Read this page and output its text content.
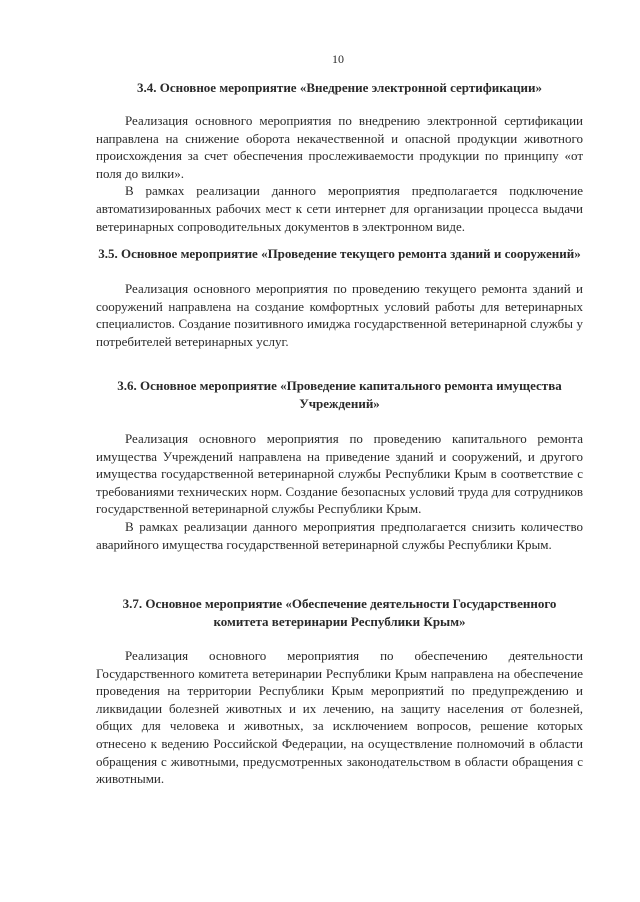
10

3.4. Основное мероприятие «Внедрение электронной сертификации»

Реализация основного мероприятия по внедрению электронной сертификации направлена на снижение оборота некачественной и опасной продукции животного происхождения за счет обеспечения прослеживаемости продукции по принципу «от поля до вилки».

В рамках реализации данного мероприятия предполагается подключение автоматизированных рабочих мест к сети интернет для организации процесса выдачи ветеринарных сопроводительных документов в электронном виде.

3.5. Основное мероприятие «Проведение текущего ремонта зданий и сооружений»

Реализация основного мероприятия по проведению текущего ремонта зданий и сооружений направлена на создание комфортных условий работы для ветеринарных специалистов. Создание позитивного имиджа государственной ветеринарной службы у потребителей ветеринарных услуг.

3.6. Основное мероприятие «Проведение капитального ремонта имущества Учреждений»

Реализация основного мероприятия по проведению капитального ремонта имущества Учреждений направлена на приведение зданий и сооружений, и другого имущества государственной ветеринарной службы Республики Крым в соответствие с требованиями технических норм. Создание безопасных условий труда для сотрудников государственной ветеринарной службы Республики Крым.

В рамках реализации данного мероприятия предполагается снизить количество аварийного имущества государственной ветеринарной службы Республики Крым.

3.7. Основное мероприятие «Обеспечение деятельности Государственного комитета ветеринарии Республики Крым»

Реализация основного мероприятия по обеспечению деятельности Государственного комитета ветеринарии Республики Крым направлена на обеспечение проведения на территории Республики Крым мероприятий по предупреждению и ликвидации болезней животных и их лечению, на защиту населения от болезней, общих для человека и животных, за исключением вопросов, решение которых отнесено к ведению Российской Федерации, на осуществление полномочий в области обращения с животными, предусмотренных законодательством в области обращения с животными.
